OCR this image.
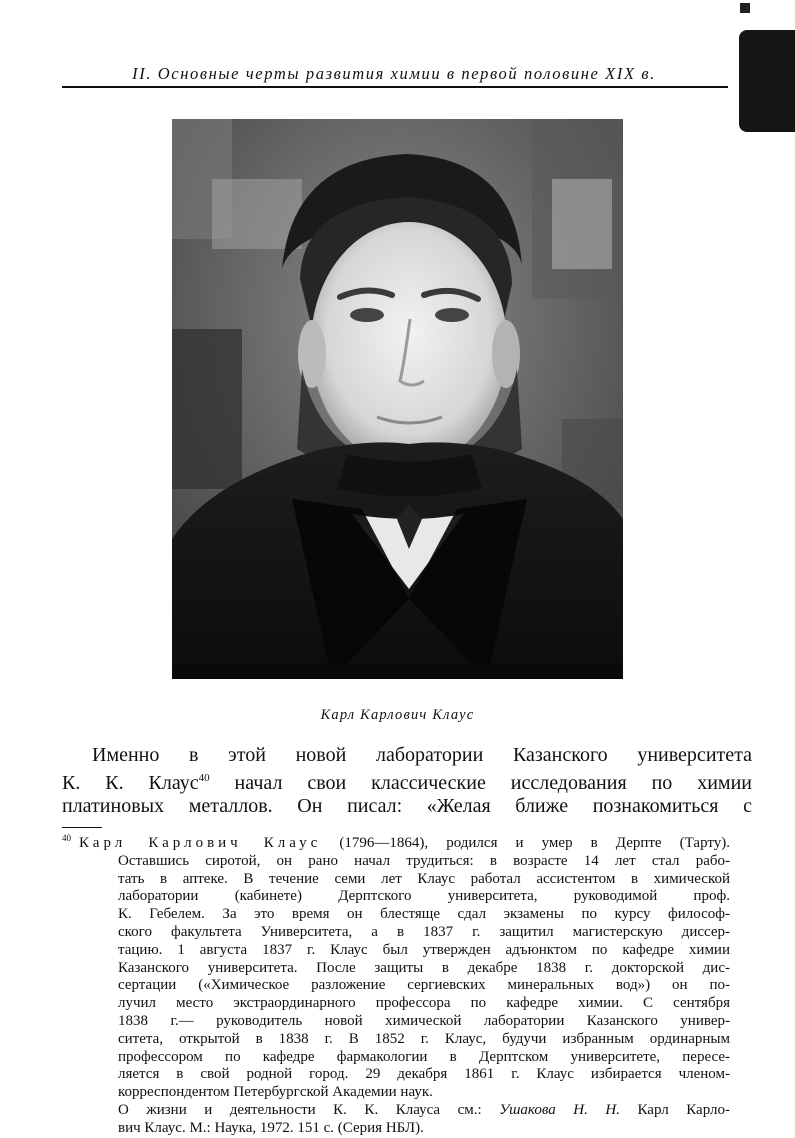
II. Основные черты развития химии в первой половине XIX в.
Карл Карлович Клаус
Именно в этой новой лаборатории Казанского университета
К. К. Клаус$^{40}$ начал свои классические исследования по химии
платиновых металлов. Он писал: «Желая ближе познакомиться с
$^{40}$ Карл Карлович Клаус (1796—1864), родился и умер в Дерпте (Тарту).
Оставшись сиротой, он рано начал трудиться: в возрасте 14 лет стал рабо-
тать в аптеке. В течение семи лет Клаус работал ассистентом в химической
лаборатории (кабинете) Дерптского университета, руководимой проф.
К. Гебелем. За это время он блестяще сдал экзамены по курсу философ-
ского факультета Университета, а в 1837 г. защитил магистерскую диссер-
тацию. 1 августа 1837 г. Клаус был утвержден адъюнктом по кафедре химии
Казанского университета. После защиты в декабре 1838 г. докторской дис-
сертации («Химическое разложение сергиевских минеральных вод») он по-
лучил место экстраординарного профессора по кафедре химии. С сентября
1838 г.— руководитель новой химической лаборатории Казанского универ-
ситета, открытой в 1838 г. В 1852 г. Клаус, будучи избранным ординарным
профессором по кафедре фармакологии в Дерптском университете, пересе-
ляется в свой родной город. 29 декабря 1861 г. Клаус избирается членом-
корреспондентом Петербургской Академии наук.
О жизни и деятельности К. К. Клауса см.: Ушакова Н. Н. Карл Карло-
вич Клаус. М.: Наука, 1972. 151 с. (Серия НБЛ).
